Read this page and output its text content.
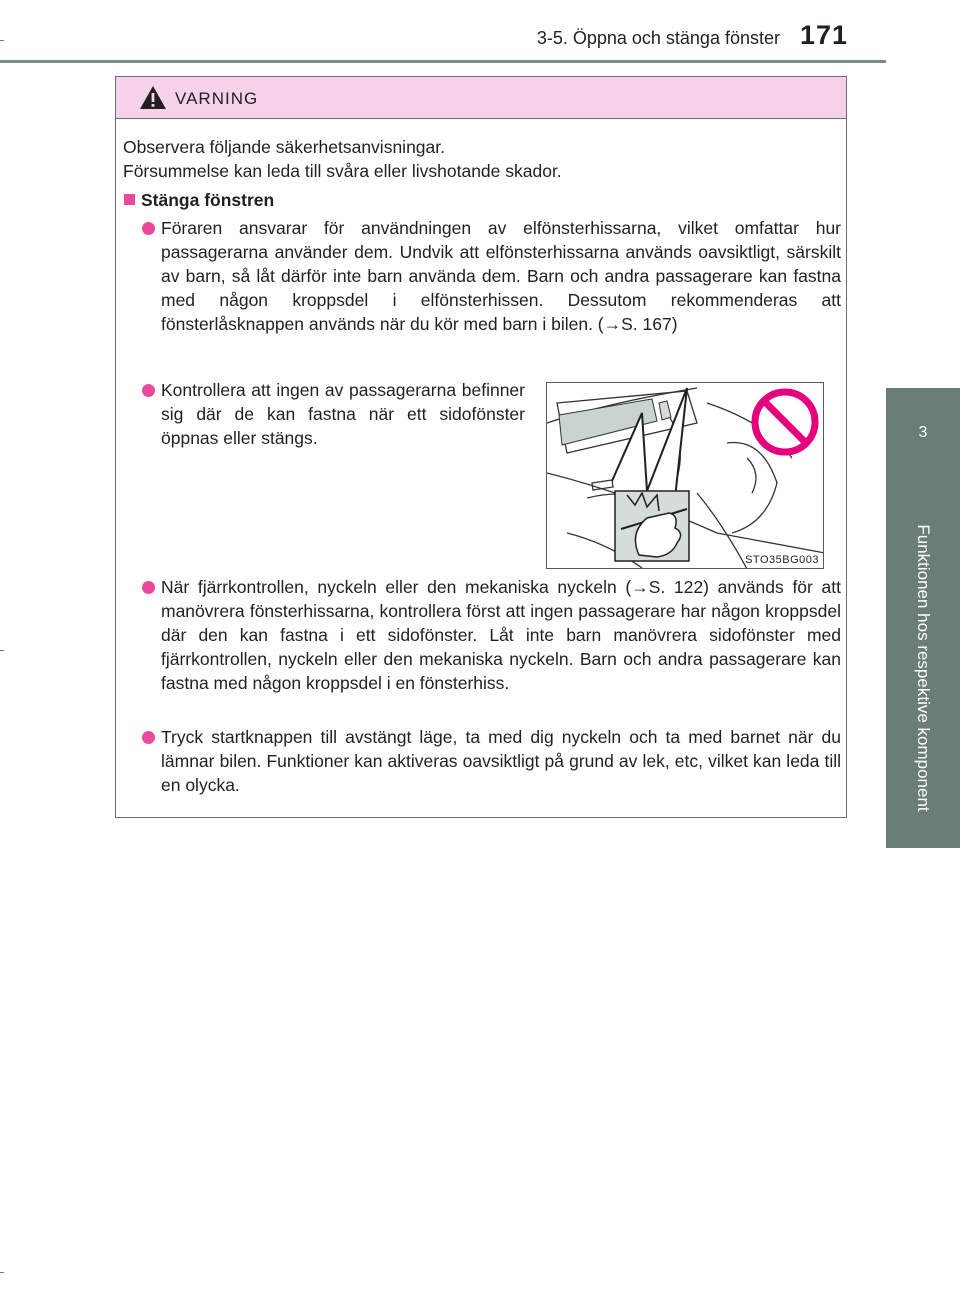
3-5. Öppna och stänga fönster 171
3
Funktionen hos respektive komponent
VARNING
Observera följande säkerhetsanvisningar.
Försummelse kan leda till svåra eller livshotande skador.
Stänga fönstren
Föraren ansvarar för användningen av elfönsterhissarna, vilket omfattar hur passagerarna använder dem. Undvik att elfönsterhissarna används oavsiktligt, särskilt av barn, så låt därför inte barn använda dem. Barn och andra passagerare kan fastna med någon kroppsdel i elfönsterhissen. Dessutom rekommenderas att fönsterlåsknappen används när du kör med barn i bilen. (→S. 167)
Kontrollera att ingen av passagerarna befinner sig där de kan fastna när ett sidofönster öppnas eller stängs.
STO35BG003
När fjärrkontrollen, nyckeln eller den mekaniska nyckeln (→S. 122) används för att manövrera fönsterhissarna, kontrollera först att ingen passagerare har någon kroppsdel där den kan fastna i ett sidofönster. Låt inte barn manövrera sidofönster med fjärrkontrollen, nyckeln eller den mekaniska nyckeln. Barn och andra passagerare kan fastna med någon kroppsdel i en fönsterhiss.
Tryck startknappen till avstängt läge, ta med dig nyckeln och ta med barnet när du lämnar bilen. Funktioner kan aktiveras oavsiktligt på grund av lek, etc, vilket kan leda till en olycka.
